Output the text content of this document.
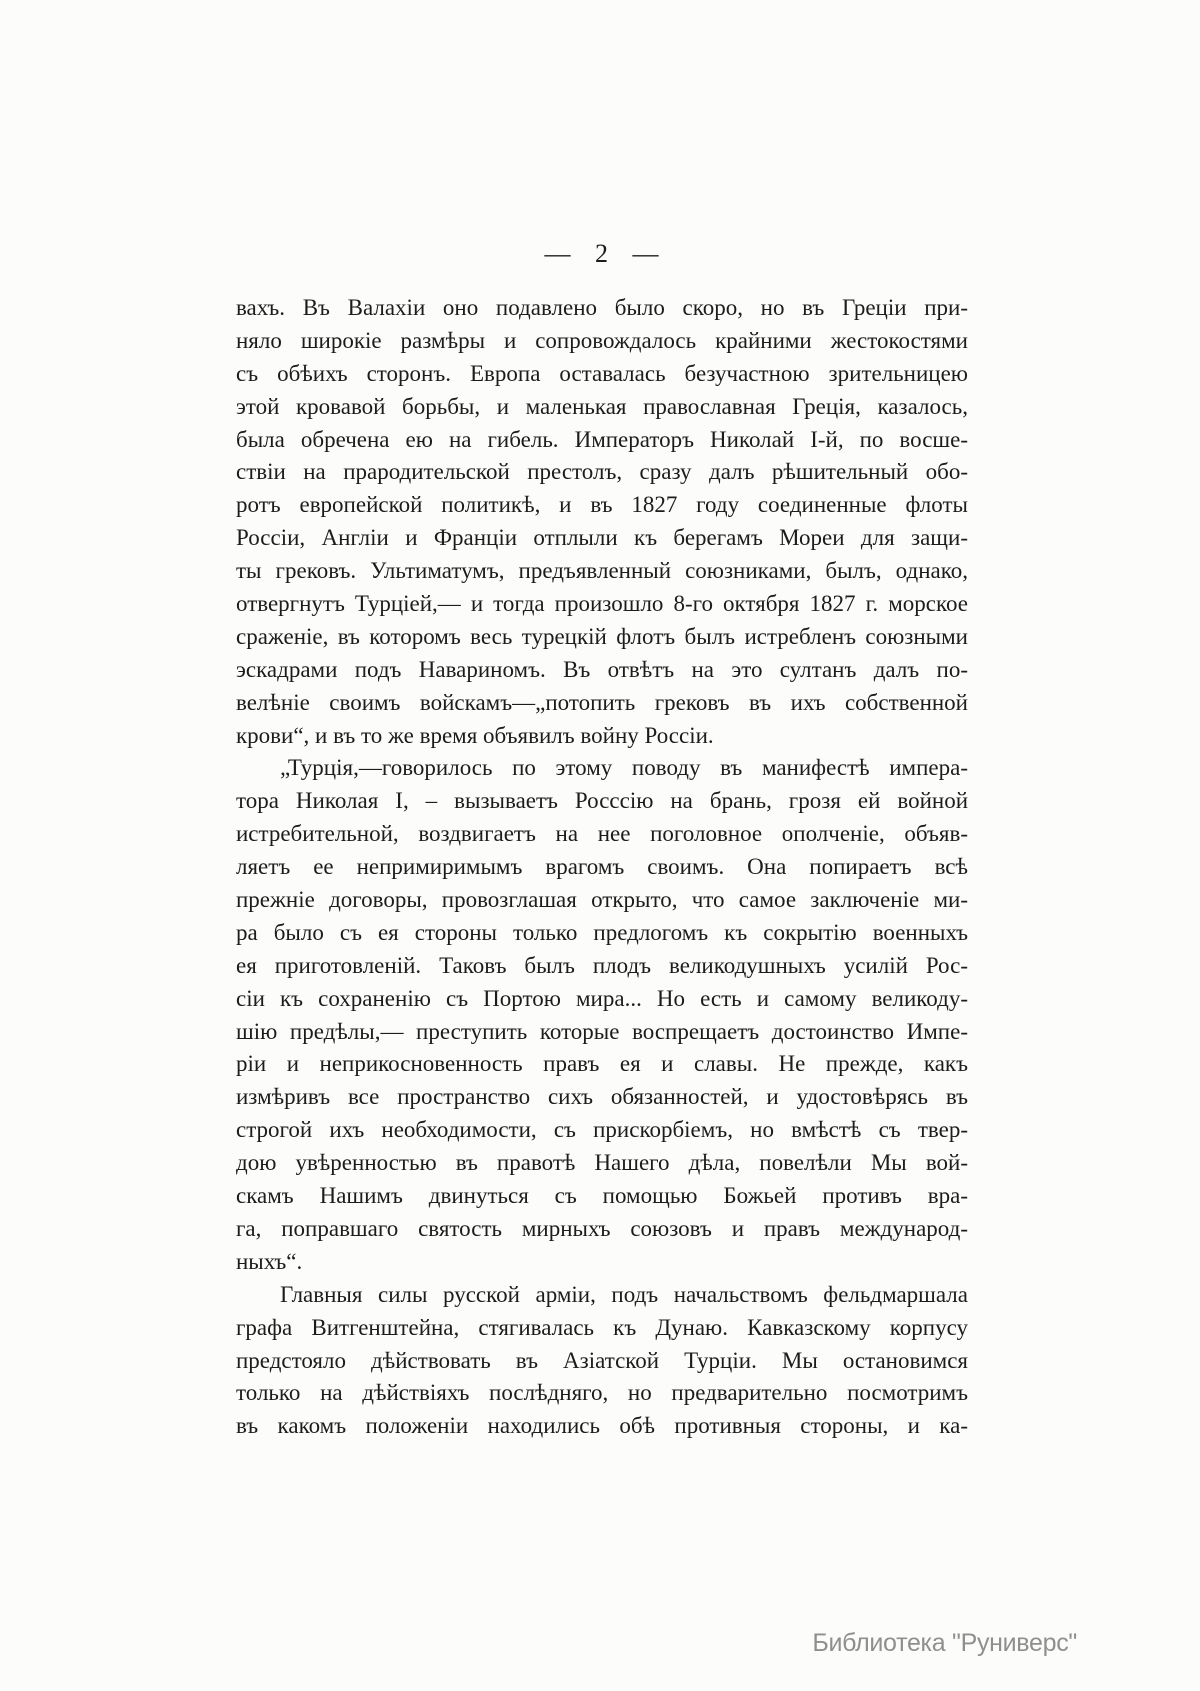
— 2 —
вахъ. Въ Валахіи оно подавлено было скоро, но въ Греціи при-
няло широкіе размѣры и сопровождалось крайними жестокостями
съ обѣихъ сторонъ. Европа оставалась безучастною зрительницею
этой кровавой борьбы, и маленькая православная Греція, казалось,
была обречена ею на гибель. Императоръ Николай I-й, по восше-
ствіи на прародительской престолъ, сразу далъ рѣшительный обо-
ротъ европейской политикѣ, и въ 1827 году соединенные флоты
Россіи, Англіи и Франціи отплыли къ берегамъ Мореи для защи-
ты грековъ. Ультиматумъ, предъявленный союзниками, былъ, однако,
отвергнутъ Турціей,— и тогда произошло 8-го октября 1827 г. морское
сраженіе, въ которомъ весь турецкій флотъ былъ истребленъ союзными
эскадрами подъ Навариномъ. Въ отвѣтъ на это султанъ далъ по-
велѣніе своимъ войскамъ—„потопить грековъ въ ихъ собственной
крови“, и въ то же время объявилъ войну Россіи.
„Турція,—говорилось по этому поводу въ манифестѣ импера-
тора Николая I, – вызываетъ Росссію на брань, грозя ей войной
истребительной, воздвигаетъ на нее поголовное ополченіе, объяв-
ляетъ ее непримиримымъ врагомъ своимъ. Она попираетъ всѣ
прежніе договоры, провозглашая открыто, что самое заключеніе ми-
ра было съ ея стороны только предлогомъ къ сокрытію военныхъ
ея приготовленій. Таковъ былъ плодъ великодушныхъ усилій Рос-
сіи къ сохраненію съ Портою мира... Но есть и самому великоду-
шію предѣлы,— преступить которые воспрещаетъ достоинство Импе-
ріи и неприкосновенность правъ ея и славы. Не прежде, какъ
измѣривъ все пространство сихъ обязанностей, и удостовѣрясь въ
строгой ихъ необходимости, съ прискорбіемъ, но вмѣстѣ съ твер-
дою увѣренностью въ правотѣ Нашего дѣла, повелѣли Мы вой-
скамъ Нашимъ двинуться съ помощью Божьей противъ вра-
га, поправшаго святость мирныхъ союзовъ и правъ международ-
ныхъ“.
Главныя силы русской арміи, подъ начальствомъ фельдмаршала
графа Витгенштейна, стягивалась къ Дунаю. Кавказскому корпусу
предстояло дѣйствовать въ Азіатской Турціи. Мы остановимся
только на дѣйствіяхъ послѣдняго, но предварительно посмотримъ
въ какомъ положеніи находились обѣ противныя стороны, и ка-
Библиотека "Руниверс"
